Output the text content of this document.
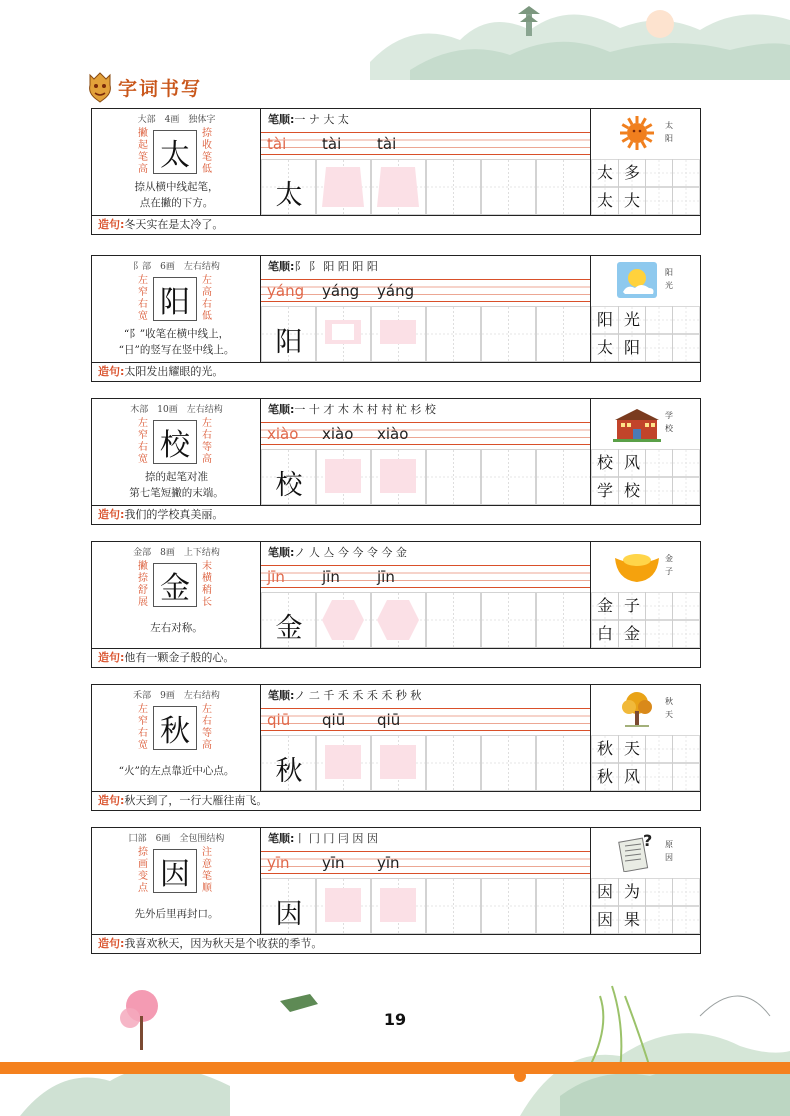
字词书写
大部　4画　独体字
撇起笔高 太
捺收笔低
捺从横中线起笔，
点在撇的下方。
笔顺:一 ナ 大 太
tài tài tài
太
太阳
太 多
太 大
造句:冬天实在是太冷了。
阝部　6画　左右结构
左窄右宽 阳
左高右低
“阝”收笔在横中线上，
“日”的竖写在竖中线上。
笔顺:阝 阝 阳 阳 阳 阳
yáng yáng yáng
阳
阳光
阳 光
太 阳
造句:太阳发出耀眼的光。
木部　10画　左右结构
左窄右宽 校
左右等高
捺的起笔对准
第七笔短撇的末端。
笔顺:一 十 才 木 木 村 村 杧 杉 校
xiào xiào xiào
校
学校
校 风
学 校
造句:我们的学校真美丽。
金部　8画　上下结构
撇捺舒展 金
末横稍长
左右对称。
笔顺:ノ 人 亼 今 今 令 今 金
jīn jīn jīn
金
金子
金 子
白 金
造句:他有一颗金子般的心。
禾部　9画　左右结构
左窄右宽 秋
左右等高
“火”的左点靠近中心点。
笔顺:ノ 二 千 禾 禾 禾 禾 秒 秋
qiū qiū qiū
秋
秋天
秋 天
秋 风
造句:秋天到了，一行大雁往南飞。
囗部　6画　全包围结构
捺画变点 因
注意笔顺
先外后里再封口。
笔顺:丨 冂 冂 冃 因 因
yīn yīn yīn
因
? 原因
因 为
因 果
造句:我喜欢秋天，因为秋天是个收获的季节。
19
